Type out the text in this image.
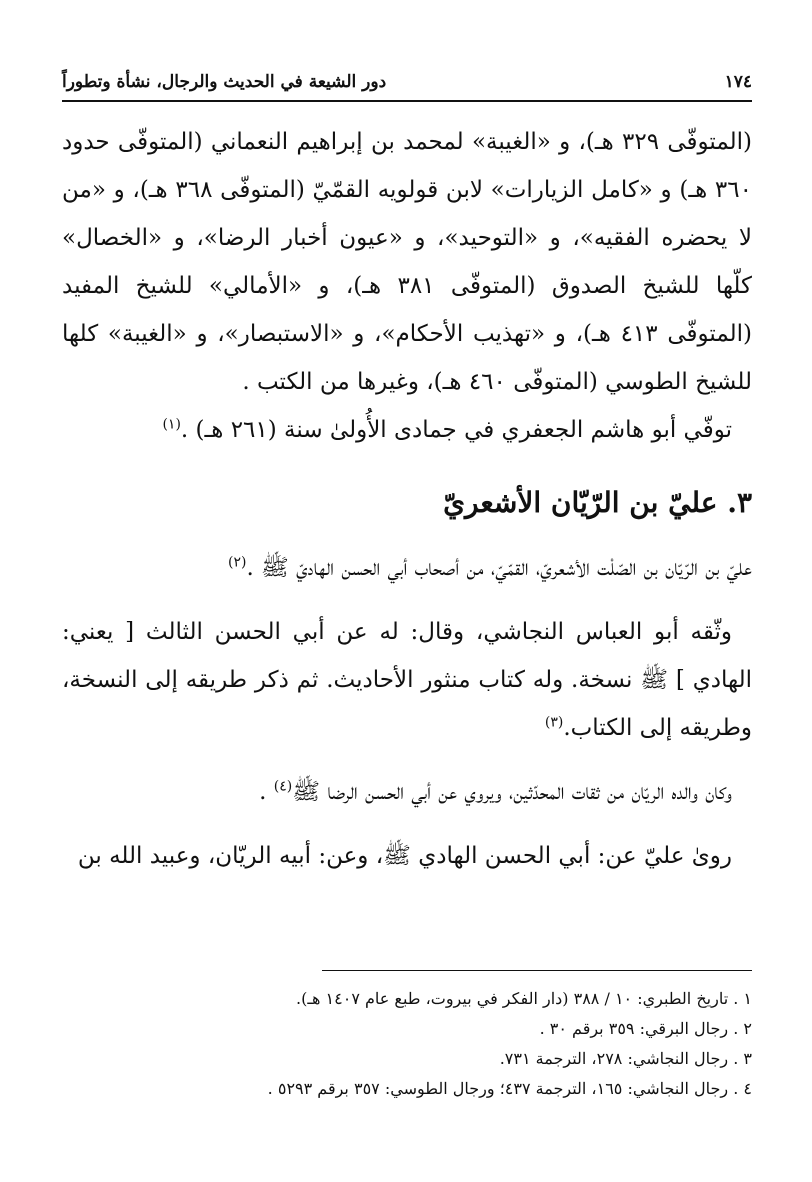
١٧٤
دور الشيعة في الحديث والرجال، نشأة وتطوراً

(المتوفّى ٣٢٩ هـ)، و «الغيبة» لمحمد بن إبراهيم النعماني (المتوفّى حدود ٣٦٠ هـ) و «كامل الزيارات» لابن قولويه القمّيّ (المتوفّى ٣٦٨ هـ)، و «من لا يحضره الفقيه»، و «التوحيد»، و «عيون أخبار الرضا»، و «الخصال» كلّها للشيخ الصدوق (المتوفّى ٣٨١ هـ)، و «الأمالي» للشيخ المفيد (المتوفّى ٤١٣ هـ)، و «تهذيب الأحكام»، و «الاستبصار»، و «الغيبة» كلها للشيخ الطوسي (المتوفّى ٤٦٠ هـ)، وغيرها من الكتب .

توفّي أبو هاشم الجعفري في جمادى الأُولىٰ سنة (٢٦١ هـ) .$^{(١)}$

٣. عليّ بن الرّيّان الأشعريّ

عليّ بن الرّيّان بن الصّلْت الأشعريّ، القمّيّ، من أصحاب أبي الحسن الهاديّ ﷺ .$^{(٢)}$

وثّقه أبو العباس النجاشي، وقال: له عن أبي الحسن الثالث [ يعني: الهادي ] ﷺ نسخة. وله كتاب منثور الأحاديث. ثم ذكر طريقه إلى النسخة، وطريقه إلى الكتاب.$^{(٣)}$

وكان والده الريّان من ثقات المحدّثين، ويروي عن أبي الحسن الرضا ﷺ$^{(٤)}$ .

روىٰ عليّ عن: أبي الحسن الهادي ﷺ، وعن: أبيه الريّان، وعبيد الله بن

١ . تاريخ الطبري: ١٠ / ٣٨٨ (دار الفكر في بيروت، طبع عام ١٤٠٧ هـ).

٢ . رجال البرقي: ٣٥٩ برقم ٣٠ .

٣ . رجال النجاشي: ٢٧٨، الترجمة ٧٣١.

٤ . رجال النجاشي: ١٦٥، الترجمة ٤٣٧؛ ورجال الطوسي: ٣٥٧ برقم ٥٢٩٣ .
